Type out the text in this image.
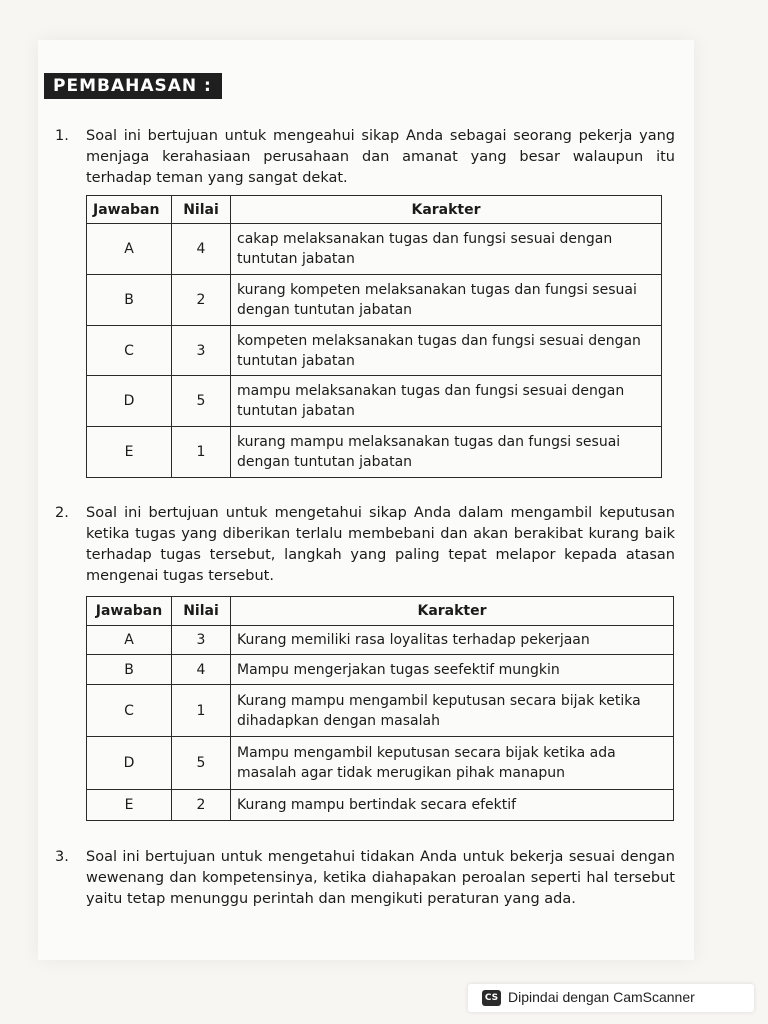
PEMBAHASAN :
1. Soal ini bertujuan untuk mengeahui sikap Anda sebagai seorang pekerja yang menjaga kerahasiaan perusahaan dan amanat yang besar walaupun itu terhadap teman yang sangat dekat.
Jawaban	Nilai	Karakter
A	4	cakap melaksanakan tugas dan fungsi sesuai dengan tuntutan jabatan
B	2	kurang kompeten melaksanakan tugas dan fungsi sesuai dengan tuntutan jabatan
C	3	kompeten melaksanakan tugas dan fungsi sesuai dengan tuntutan jabatan
D	5	mampu melaksanakan tugas dan fungsi sesuai dengan tuntutan jabatan
E	1	kurang mampu melaksanakan tugas dan fungsi sesuai dengan tuntutan jabatan
2. Soal ini bertujuan untuk mengetahui sikap Anda dalam mengambil keputusan ketika tugas yang diberikan terlalu membebani dan akan berakibat kurang baik terhadap tugas tersebut, langkah yang paling tepat melapor kepada atasan mengenai tugas tersebut.
Jawaban	Nilai	Karakter
A	3	Kurang memiliki rasa loyalitas terhadap pekerjaan
B	4	Mampu mengerjakan tugas seefektif mungkin
C	1	Kurang mampu mengambil keputusan secara bijak ketika dihadapkan dengan masalah
D	5	Mampu mengambil keputusan secara bijak ketika ada masalah agar tidak merugikan pihak manapun
E	2	Kurang mampu bertindak secara efektif
3. Soal ini bertujuan untuk mengetahui tidakan Anda untuk bekerja sesuai dengan wewenang dan kompetensinya, ketika diahapakan peroalan seperti hal tersebut yaitu tetap menunggu perintah dan mengikuti peraturan yang ada.
CS Dipindai dengan CamScanner
